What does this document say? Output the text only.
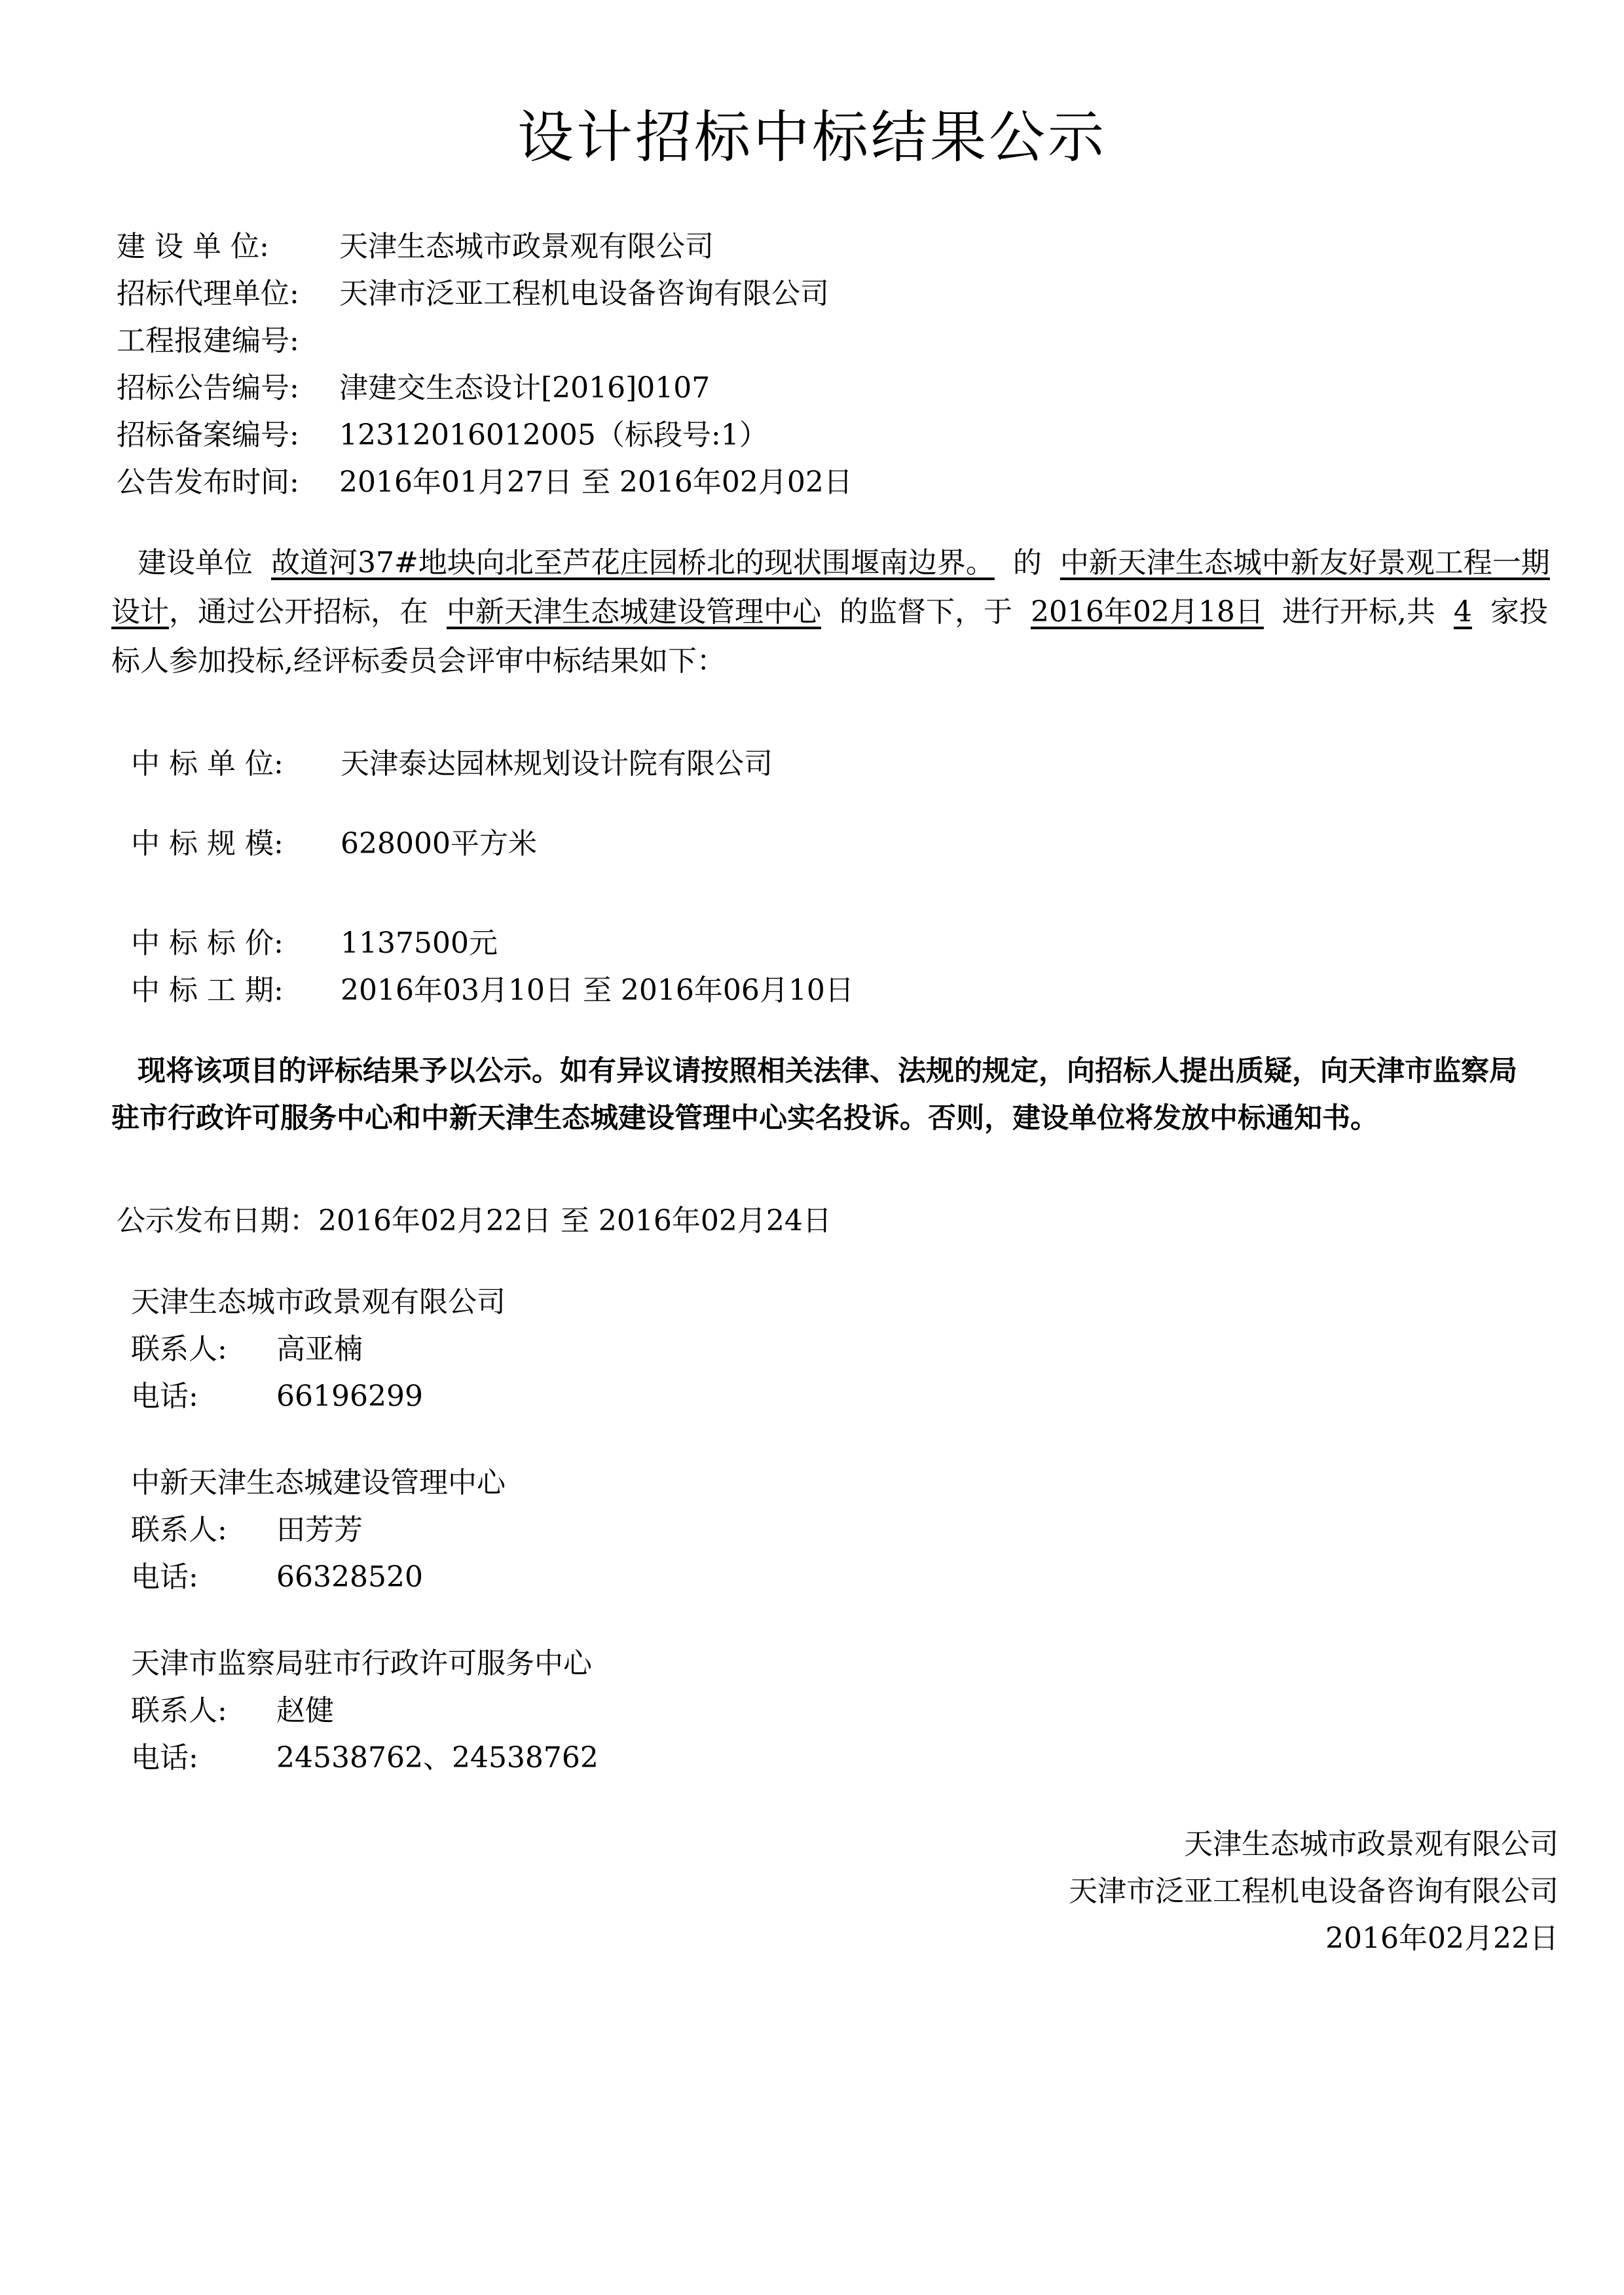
设计招标中标结果公示
建 设 单 位: 天津生态城市政景观有限公司
招标代理单位: 天津市泛亚工程机电设备咨询有限公司
工程报建编号:
招标公告编号: 津建交生态设计[2016]0107
招标备案编号: 12312016012005（标段号:1）
公告发布时间: 2016年01月27日 至 2016年02月02日
建设单位 故道河37#地块向北至芦花庄园桥北的现状围堰南边界。 的 中新天津生态城中新友好景观工程一期设计，通过公开招标，在 中新天津生态城建设管理中心 的监督下，于 2016年02月18日 进行开标,共 4 家投标人参加投标,经评标委员会评审中标结果如下：
中 标 单 位: 天津泰达园林规划设计院有限公司
中 标 规 模: 628000平方米
中 标 标 价: 1137500元
中 标 工 期: 2016年03月10日 至 2016年06月10日
现将该项目的评标结果予以公示。如有异议请按照相关法律、法规的规定，向招标人提出质疑，向天津市监察局驻市行政许可服务中心和中新天津生态城建设管理中心实名投诉。否则，建设单位将发放中标通知书。
公示发布日期：2016年02月22日 至 2016年02月24日
天津生态城市政景观有限公司
联系人: 高亚楠
电话:	66196299
中新天津生态城建设管理中心
联系人: 田芳芳
电话:	66328520
天津市监察局驻市行政许可服务中心
联系人: 赵健
电话:	24538762、24538762
天津生态城市政景观有限公司
天津市泛亚工程机电设备咨询有限公司
2016年02月22日
